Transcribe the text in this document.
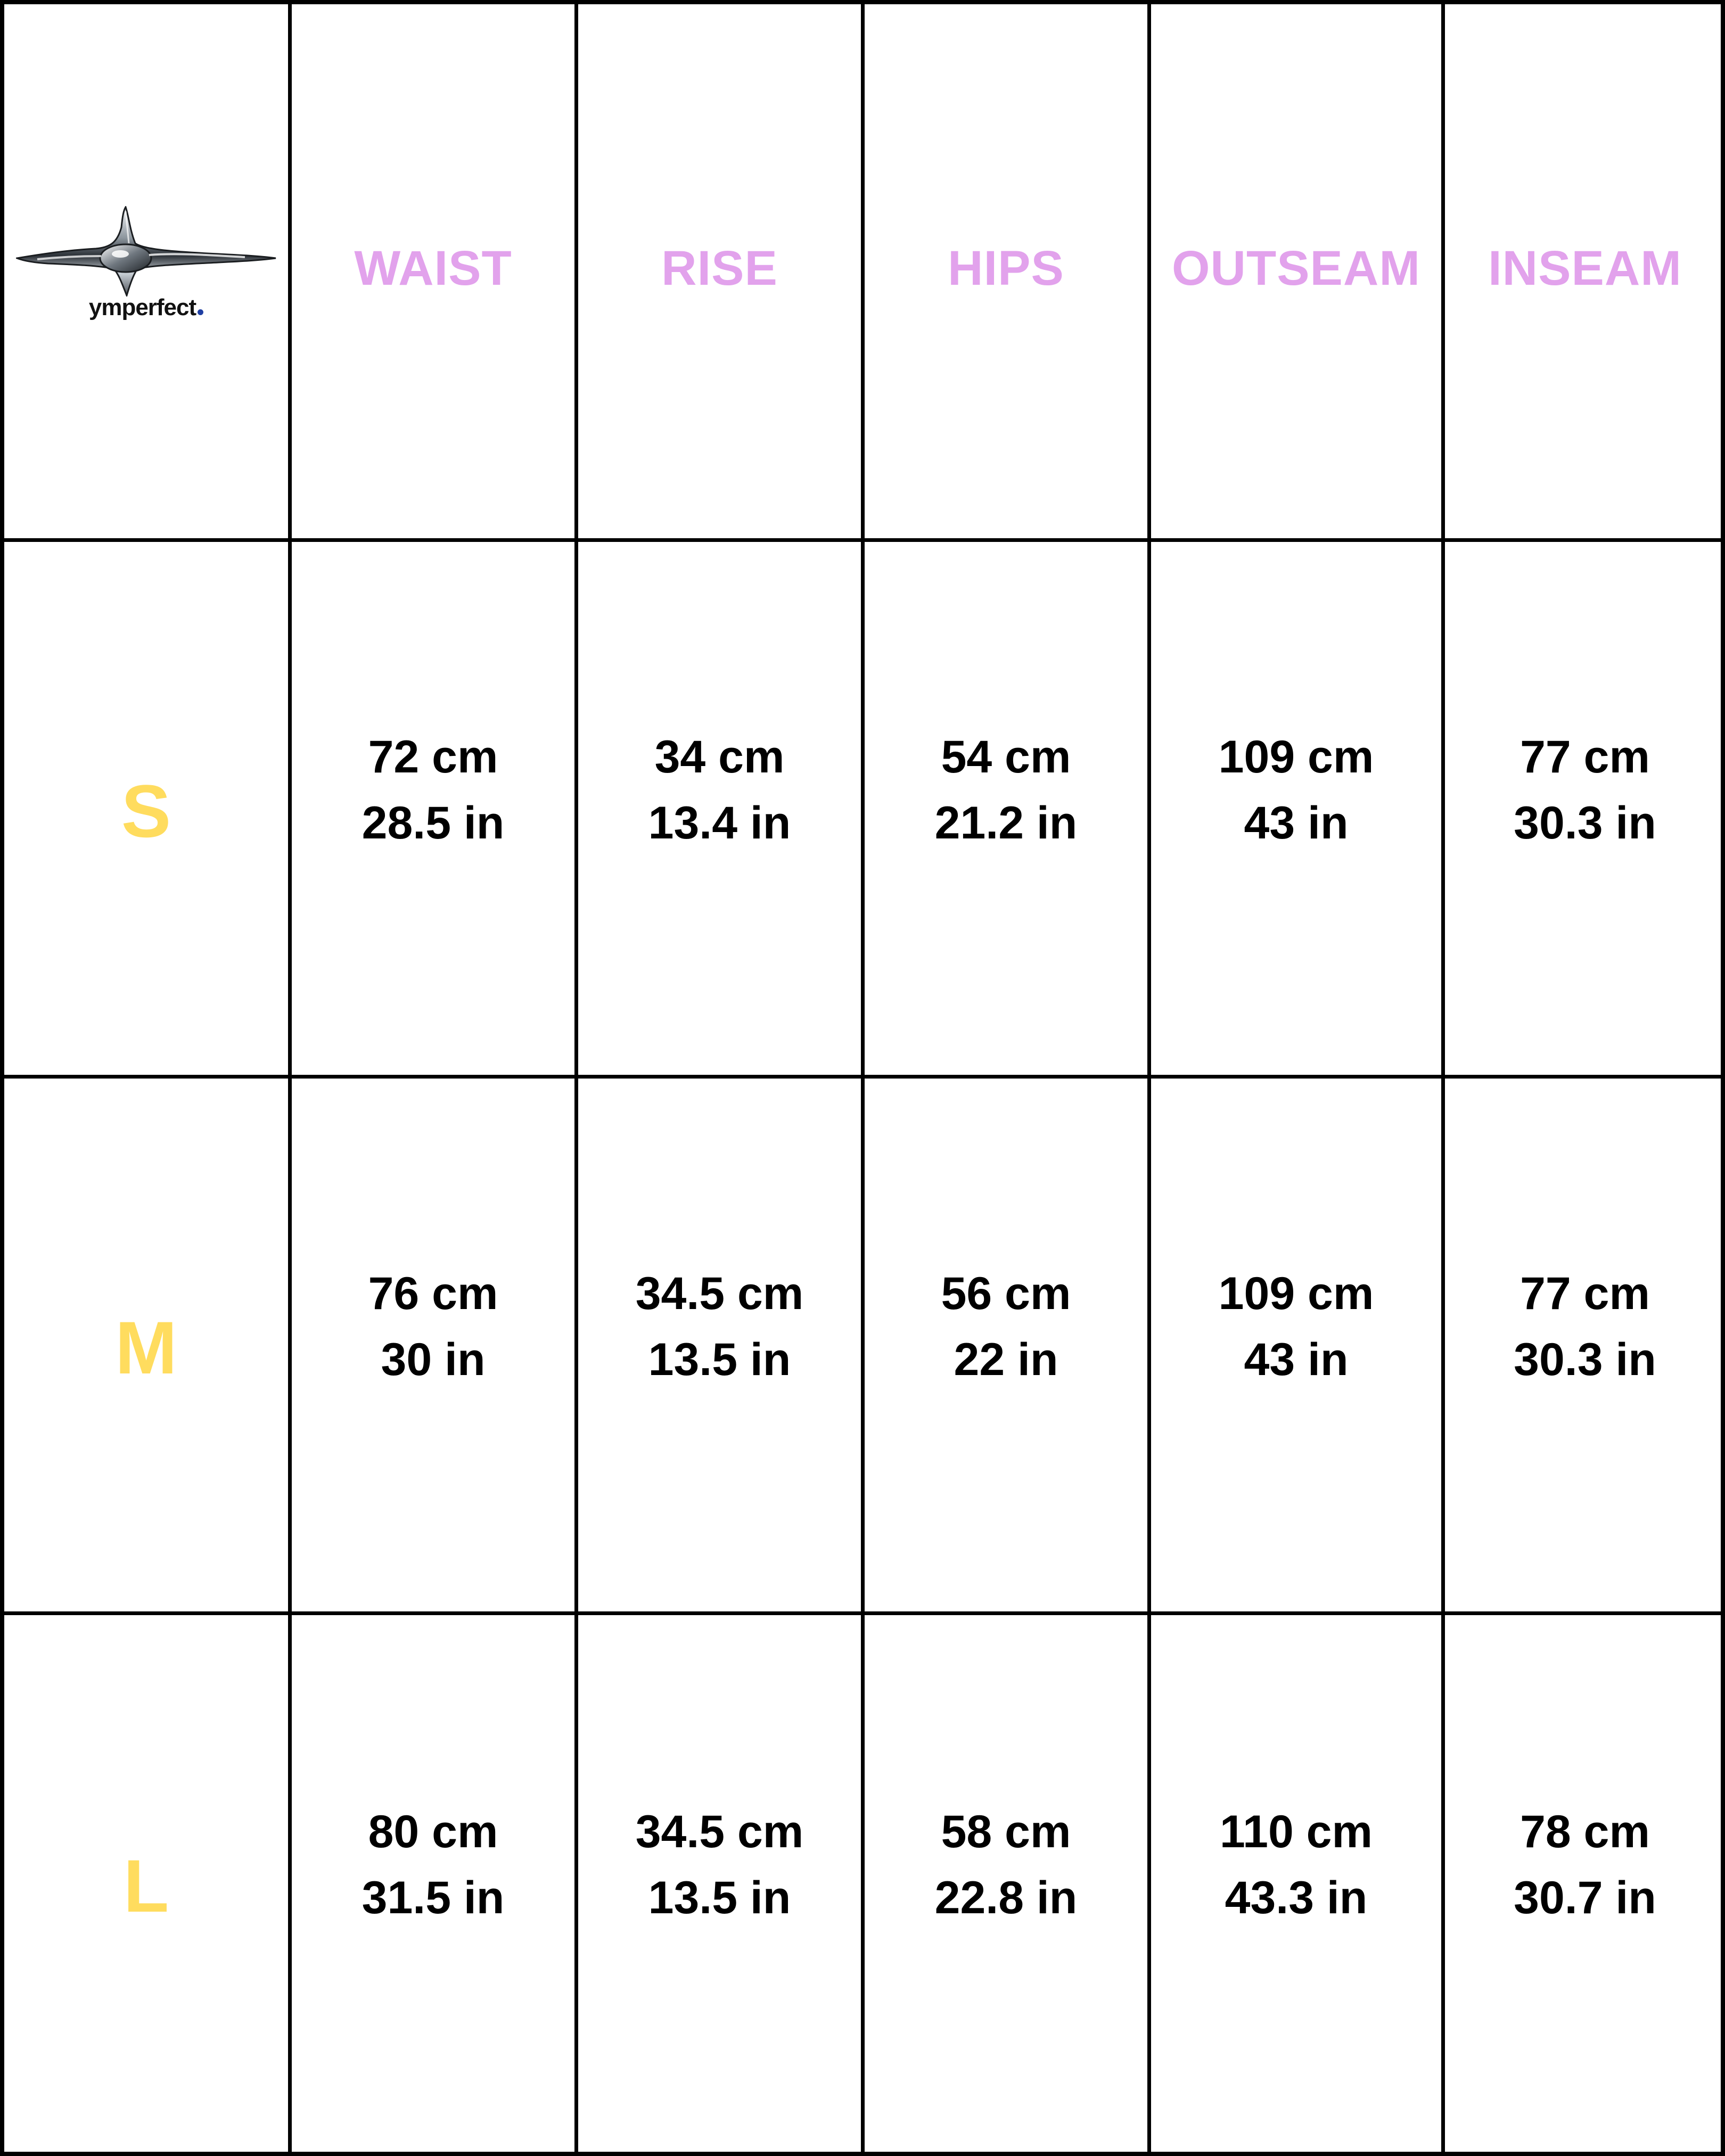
ymperfect
WAIST	RISE	HIPS OUTSEAM INSEAM
S
72 cm
28.5 in
34 cm
13.4 in
54 cm
21.2 in
109 cm
43 in
77 cm
30.3 in
M
76 cm
30 in
34.5 cm
13.5 in
56 cm
22 in
109 cm
43 in
77 cm
30.3 in
L
80 cm
31.5 in
34.5 cm
13.5 in
58 cm
22.8 in
110 cm
43.3 in
78 cm
30.7 in
